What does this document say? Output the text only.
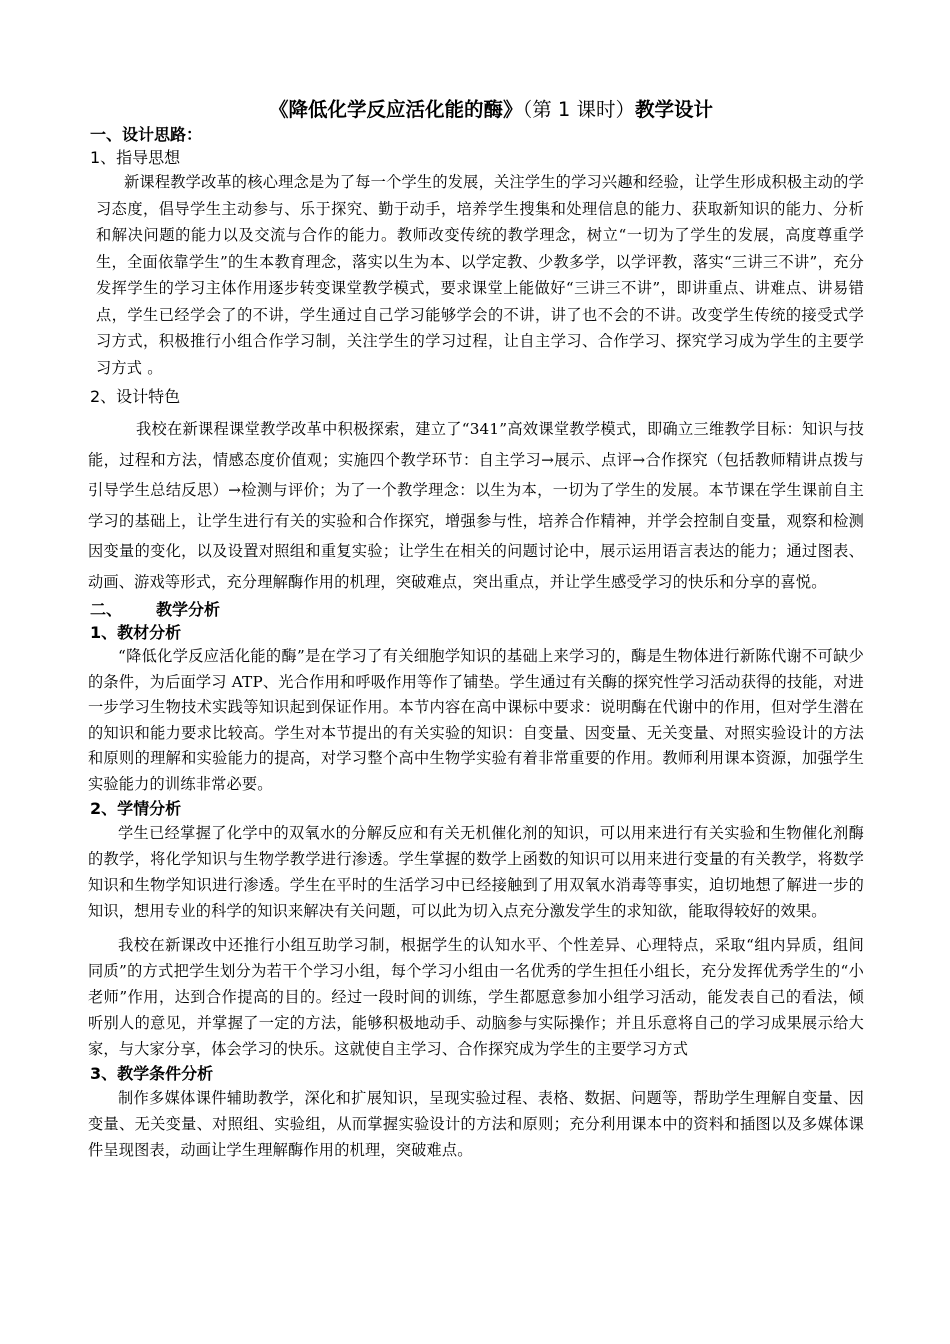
《降低化学反应活化能的酶》（第 1 课时）教学设计
一、设计思路：
1、指导思想

新课程教学改革的核心理念是为了每一个学生的发展，关注学生的学习兴趣和经验，让学生形成积极主动的学习态度，倡导学生主动参与、乐于探究、勤于动手，培养学生搜集和处理信息的能力、获取新知识的能力、分析和解决问题的能力以及交流与合作的能力。教师改变传统的教学理念，树立“一切为了学生的发展，高度尊重学生，全面依靠学生”的生本教育理念，落实以生为本、以学定教、少教多学，以学评教，落实“三讲三不讲”，充分发挥学生的学习主体作用逐步转变课堂教学模式，要求课堂上能做好“三讲三不讲”，即讲重点、讲难点、讲易错点，学生已经学会了的不讲，学生通过自己学习能够学会的不讲，讲了也不会的不讲。改变学生传统的接受式学习方式，积极推行小组合作学习制，关注学生的学习过程，让自主学习、合作学习、探究学习成为学生的主要学习方式 。

2、设计特色

我校在新课程课堂教学改革中积极探索，建立了“341”高效课堂教学模式，即确立三维教学目标：知识与技能，过程和方法，情感态度价值观；实施四个教学环节：自主学习→展示、点评→合作探究（包括教师精讲点拨与引导学生总结反思）→检测与评价；为了一个教学理念：以生为本，一切为了学生的发展。本节课在学生课前自主学习的基础上，让学生进行有关的实验和合作探究，增强参与性，培养合作精神，并学会控制自变量，观察和检测因变量的变化，以及设置对照组和重复实验；让学生在相关的问题讨论中，展示运用语言表达的能力；通过图表、动画、游戏等形式，充分理解酶作用的机理，突破难点，突出重点，并让学生感受学习的快乐和分享的喜悦。

二、 教学分析
1、教材分析

“降低化学反应活化能的酶”是在学习了有关细胞学知识的基础上来学习的，酶是生物体进行新陈代谢不可缺少的条件，为后面学习 ATP、光合作用和呼吸作用等作了铺垫。学生通过有关酶的探究性学习活动获得的技能，对进一步学习生物技术实践等知识起到保证作用。本节内容在高中课标中要求：说明酶在代谢中的作用，但对学生潜在的知识和能力要求比较高。学生对本节提出的有关实验的知识：自变量、因变量、无关变量、对照实验设计的方法和原则的理解和实验能力的提高，对学习整个高中生物学实验有着非常重要的作用。教师利用课本资源，加强学生实验能力的训练非常必要。

2、学情分析

学生已经掌握了化学中的双氧水的分解反应和有关无机催化剂的知识，可以用来进行有关实验和生物催化剂酶的教学，将化学知识与生物学教学进行渗透。学生掌握的数学上函数的知识可以用来进行变量的有关教学，将数学知识和生物学知识进行渗透。学生在平时的生活学习中已经接触到了用双氧水消毒等事实，迫切地想了解进一步的知识，想用专业的科学的知识来解决有关问题，可以此为切入点充分激发学生的求知欲，能取得较好的效果。

我校在新课改中还推行小组互助学习制，根据学生的认知水平、个性差异、心理特点，采取“组内异质，组间同质”的方式把学生划分为若干个学习小组，每个学习小组由一名优秀的学生担任小组长，充分发挥优秀学生的“小老师”作用，达到合作提高的目的。经过一段时间的训练，学生都愿意参加小组学习活动，能发表自己的看法，倾听别人的意见，并掌握了一定的方法，能够积极地动手、动脑参与实际操作；并且乐意将自己的学习成果展示给大家，与大家分享，体会学习的快乐。这就使自主学习、合作探究成为学生的主要学习方式

3、教学条件分析

制作多媒体课件辅助教学，深化和扩展知识，呈现实验过程、表格、数据、问题等，帮助学生理解自变量、因变量、无关变量、对照组、实验组，从而掌握实验设计的方法和原则；充分利用课本中的资料和插图以及多媒体课件呈现图表，动画让学生理解酶作用的机理，突破难点。
